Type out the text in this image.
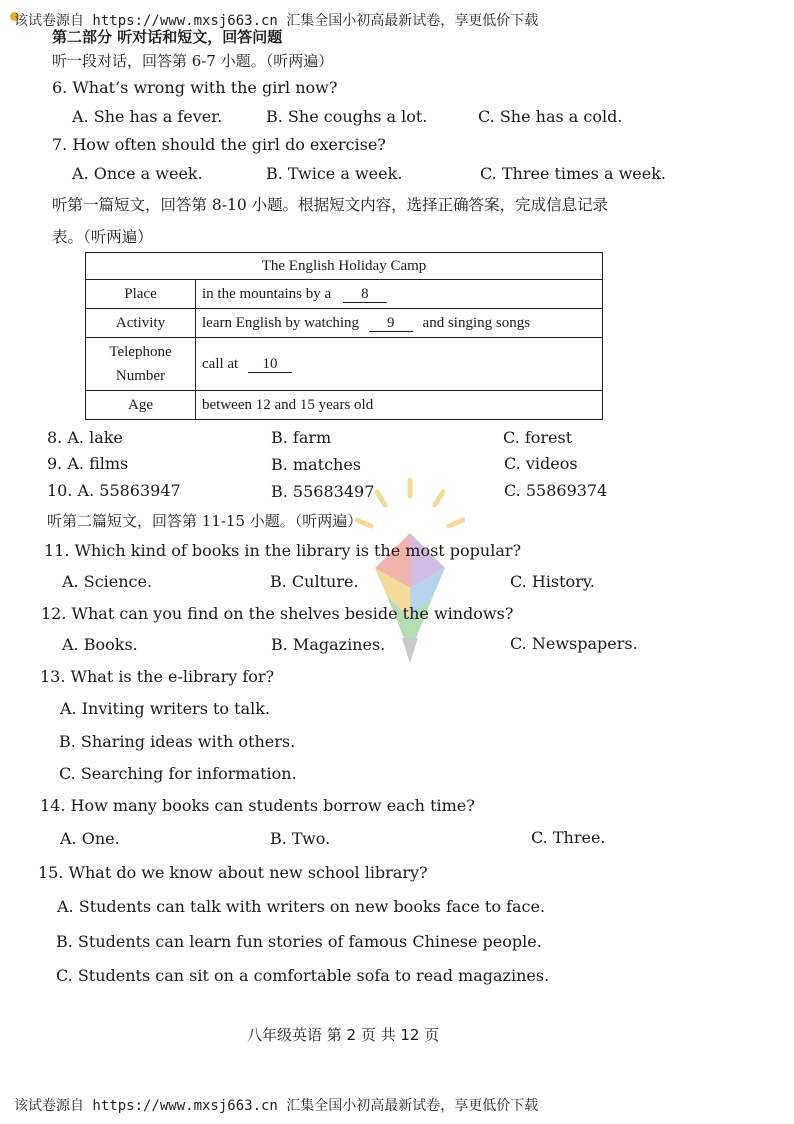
该试卷源自 https://www.mxsj663.cn 汇集全国小初高最新试卷，享更低价下载
第二部分 听对话和短文，回答问题
听一段对话，回答第 6-7 小题。（听两遍）
6. What’s wrong with the girl now?
A. She has a fever.	B. She coughs a lot.	C. She has a cold.
7. How often should the girl do exercise?
A. Once a week.	B. Twice a week.	C. Three times a week.
听第一篇短文，回答第 8-10 小题。根据短文内容，选择正确答案，完成信息记录
表。（听两遍）
The English Holiday Camp	
Place	in the mountains by a 8
Activity	learn English by watching 9 and singing songs

Telephone
Number	call at 10
Age	between 12 and 15 years old
8. A. lake	B. farm	C. forest
9. A. films	B. matches	C. videos
10. A. 55863947	B. 55683497	C. 55869374
听第二篇短文，回答第 11-15 小题。（听两遍）
11. Which kind of books in the library is the most popular?
A. Science.	B. Culture.	C. History.
12. What can you find on the shelves beside the windows?
A. Books.	B. Magazines.	C. Newspapers.
13. What is the e-library for?
A. Inviting writers to talk.
B. Sharing ideas with others.
C. Searching for information.
14. How many books can students borrow each time?
A. One.	B. Two.	C. Three.
15. What do we know about new school library?
A. Students can talk with writers on new books face to face.
B. Students can learn fun stories of famous Chinese people.
C. Students can sit on a comfortable sofa to read magazines.
八年级英语 第 2 页 共 12 页
该试卷源自 https://www.mxsj663.cn 汇集全国小初高最新试卷，享更低价下载
